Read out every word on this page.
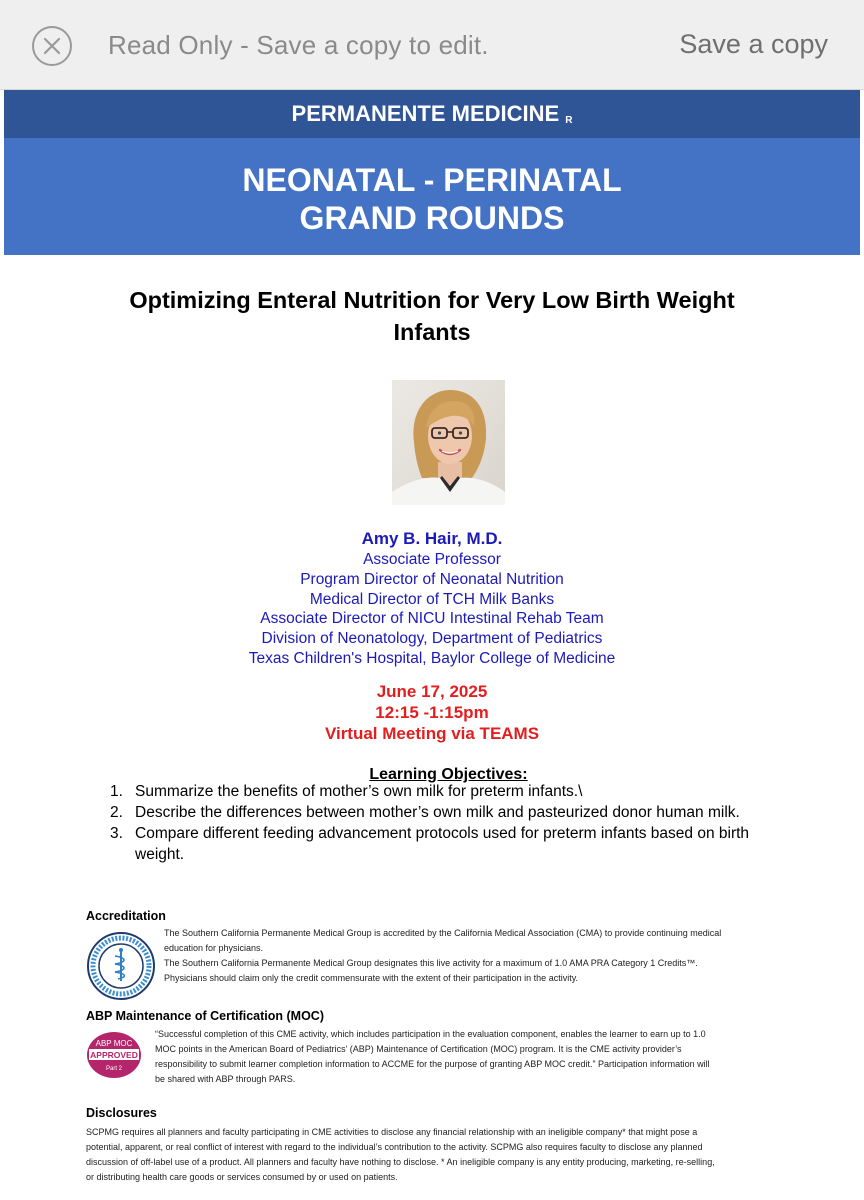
Read Only - Save a copy to edit.	Save a copy
PERMANENTE MEDICINE $^R$
NEONATAL - PERINATAL
GRAND ROUNDS
Optimizing Enteral Nutrition for Very Low Birth Weight
Infants
Amy B. Hair, M.D.
Associate Professor
Program Director of Neonatal Nutrition
Medical Director of TCH Milk Banks
Associate Director of NICU Intestinal Rehab Team
Division of Neonatology, Department of Pediatrics
Texas Children's Hospital, Baylor College of Medicine
June 17, 2025
12:15 -1:15pm
Virtual Meeting via TEAMS
Learning Objectives:
1. Summarize the benefits of mother’s own milk for preterm infants.\
2. Describe the differences between mother’s own milk and pasteurized donor human milk.
3. Compare different feeding advancement protocols used for preterm infants based on birth
weight.
Accreditation
The Southern California Permanente Medical Group is accredited by the California Medical Association (CMA) to provide continuing medical
education for physicians.
The Southern California Permanente Medical Group designates this live activity for a maximum of 1.0 AMA PRA Category 1 Credits™.
Physicians should claim only the credit commensurate with the extent of their participation in the activity.
ABP Maintenance of Certification (MOC)
ABP MOC
APPROVED
Part 2
“Successful completion of this CME activity, which includes participation in the evaluation component, enables the learner to earn up to 1.0
MOC points in the American Board of Pediatrics’ (ABP) Maintenance of Certification (MOC) program. It is the CME activity provider’s
responsibility to submit learner completion information to ACCME for the purpose of granting ABP MOC credit.” Participation information will
be shared with ABP through PARS.
Disclosures
SCPMG requires all planners and faculty participating in CME activities to disclose any financial relationship with an ineligible company* that might pose a
potential, apparent, or real conflict of interest with regard to the individual’s contribution to the activity. SCPMG also requires faculty to disclose any planned
discussion of off-label use of a product. All planners and faculty have nothing to disclose. * An ineligible company is any entity producing, marketing, re-selling,
or distributing health care goods or services consumed by or used on patients.
